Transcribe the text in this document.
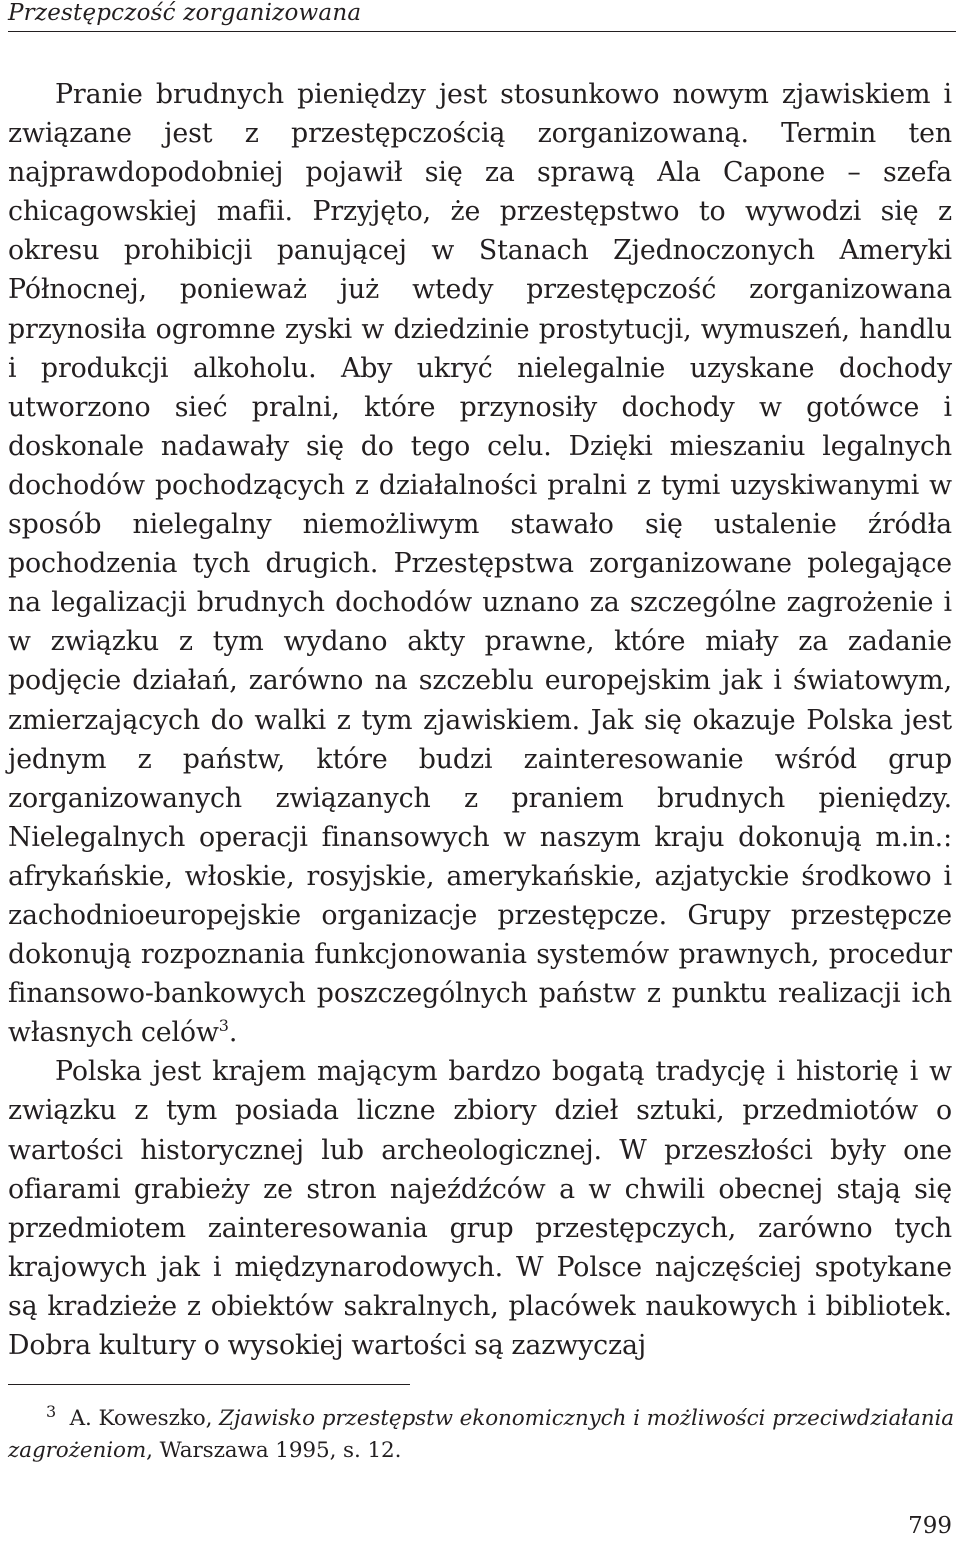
Przestępczość zorganizowana

Pranie brudnych pieniędzy jest stosunkowo nowym zjawiskiem i związane jest z przestępczością zorganizowaną. Termin ten najprawdopodobniej pojawił się za sprawą Ala Capone – szefa chicagowskiej mafii. Przyjęto, że przestępstwo to wywodzi się z okresu prohibicji panującej w Stanach Zjednoczonych Ameryki Północnej, ponieważ już wtedy przestępczość zorganizowana przynosiła ogromne zyski w dziedzinie prostytucji, wymuszeń, handlu i produkcji alkoholu. Aby ukryć nielegalnie uzyskane dochody utworzono sieć pralni, które przynosiły dochody w gotówce i doskonale nadawały się do tego celu. Dzięki mieszaniu legalnych dochodów pochodzących z działalności pralni z tymi uzyskiwanymi w sposób nielegalny niemożliwym stawało się ustalenie źródła pochodzenia tych drugich. Przestępstwa zorganizowane polegające na legalizacji brudnych dochodów uznano za szczególne zagrożenie i w związku z tym wydano akty prawne, które miały za zadanie podjęcie działań, zarówno na szczeblu europejskim jak i światowym, zmierzających do walki z tym zjawiskiem. Jak się okazuje Polska jest jednym z państw, które budzi zainteresowanie wśród grup zorganizowanych związanych z praniem brudnych pieniędzy. Nielegalnych operacji finansowych w naszym kraju dokonują m.in.: afrykańskie, włoskie, rosyjskie, amerykańskie, azjatyckie środkowo i zachodnioeuropejskie organizacje przestępcze. Grupy przestępcze dokonują rozpoznania funkcjonowania systemów prawnych, procedur finansowo-bankowych poszczególnych państw z punktu realizacji ich własnych celów$^3$.

Polska jest krajem mającym bardzo bogatą tradycję i historię i w związku z tym posiada liczne zbiory dzieł sztuki, przedmiotów o wartości historycznej lub archeologicznej. W przeszłości były one ofiarami grabieży ze stron najeźdźców a w chwili obecnej stają się przedmiotem zainteresowania grup przestępczych, zarówno tych krajowych jak i międzynarodowych. W Polsce najczęściej spotykane są kradzieże z obiektów sakralnych, placówek naukowych i bibliotek. Dobra kultury o wysokiej wartości są zazwyczaj

$^3$ A. Koweszko, Zjawisko przestępstw ekonomicznych i możliwości przeciwdziałania zagrożeniom, Warszawa 1995, s. 12.

799
